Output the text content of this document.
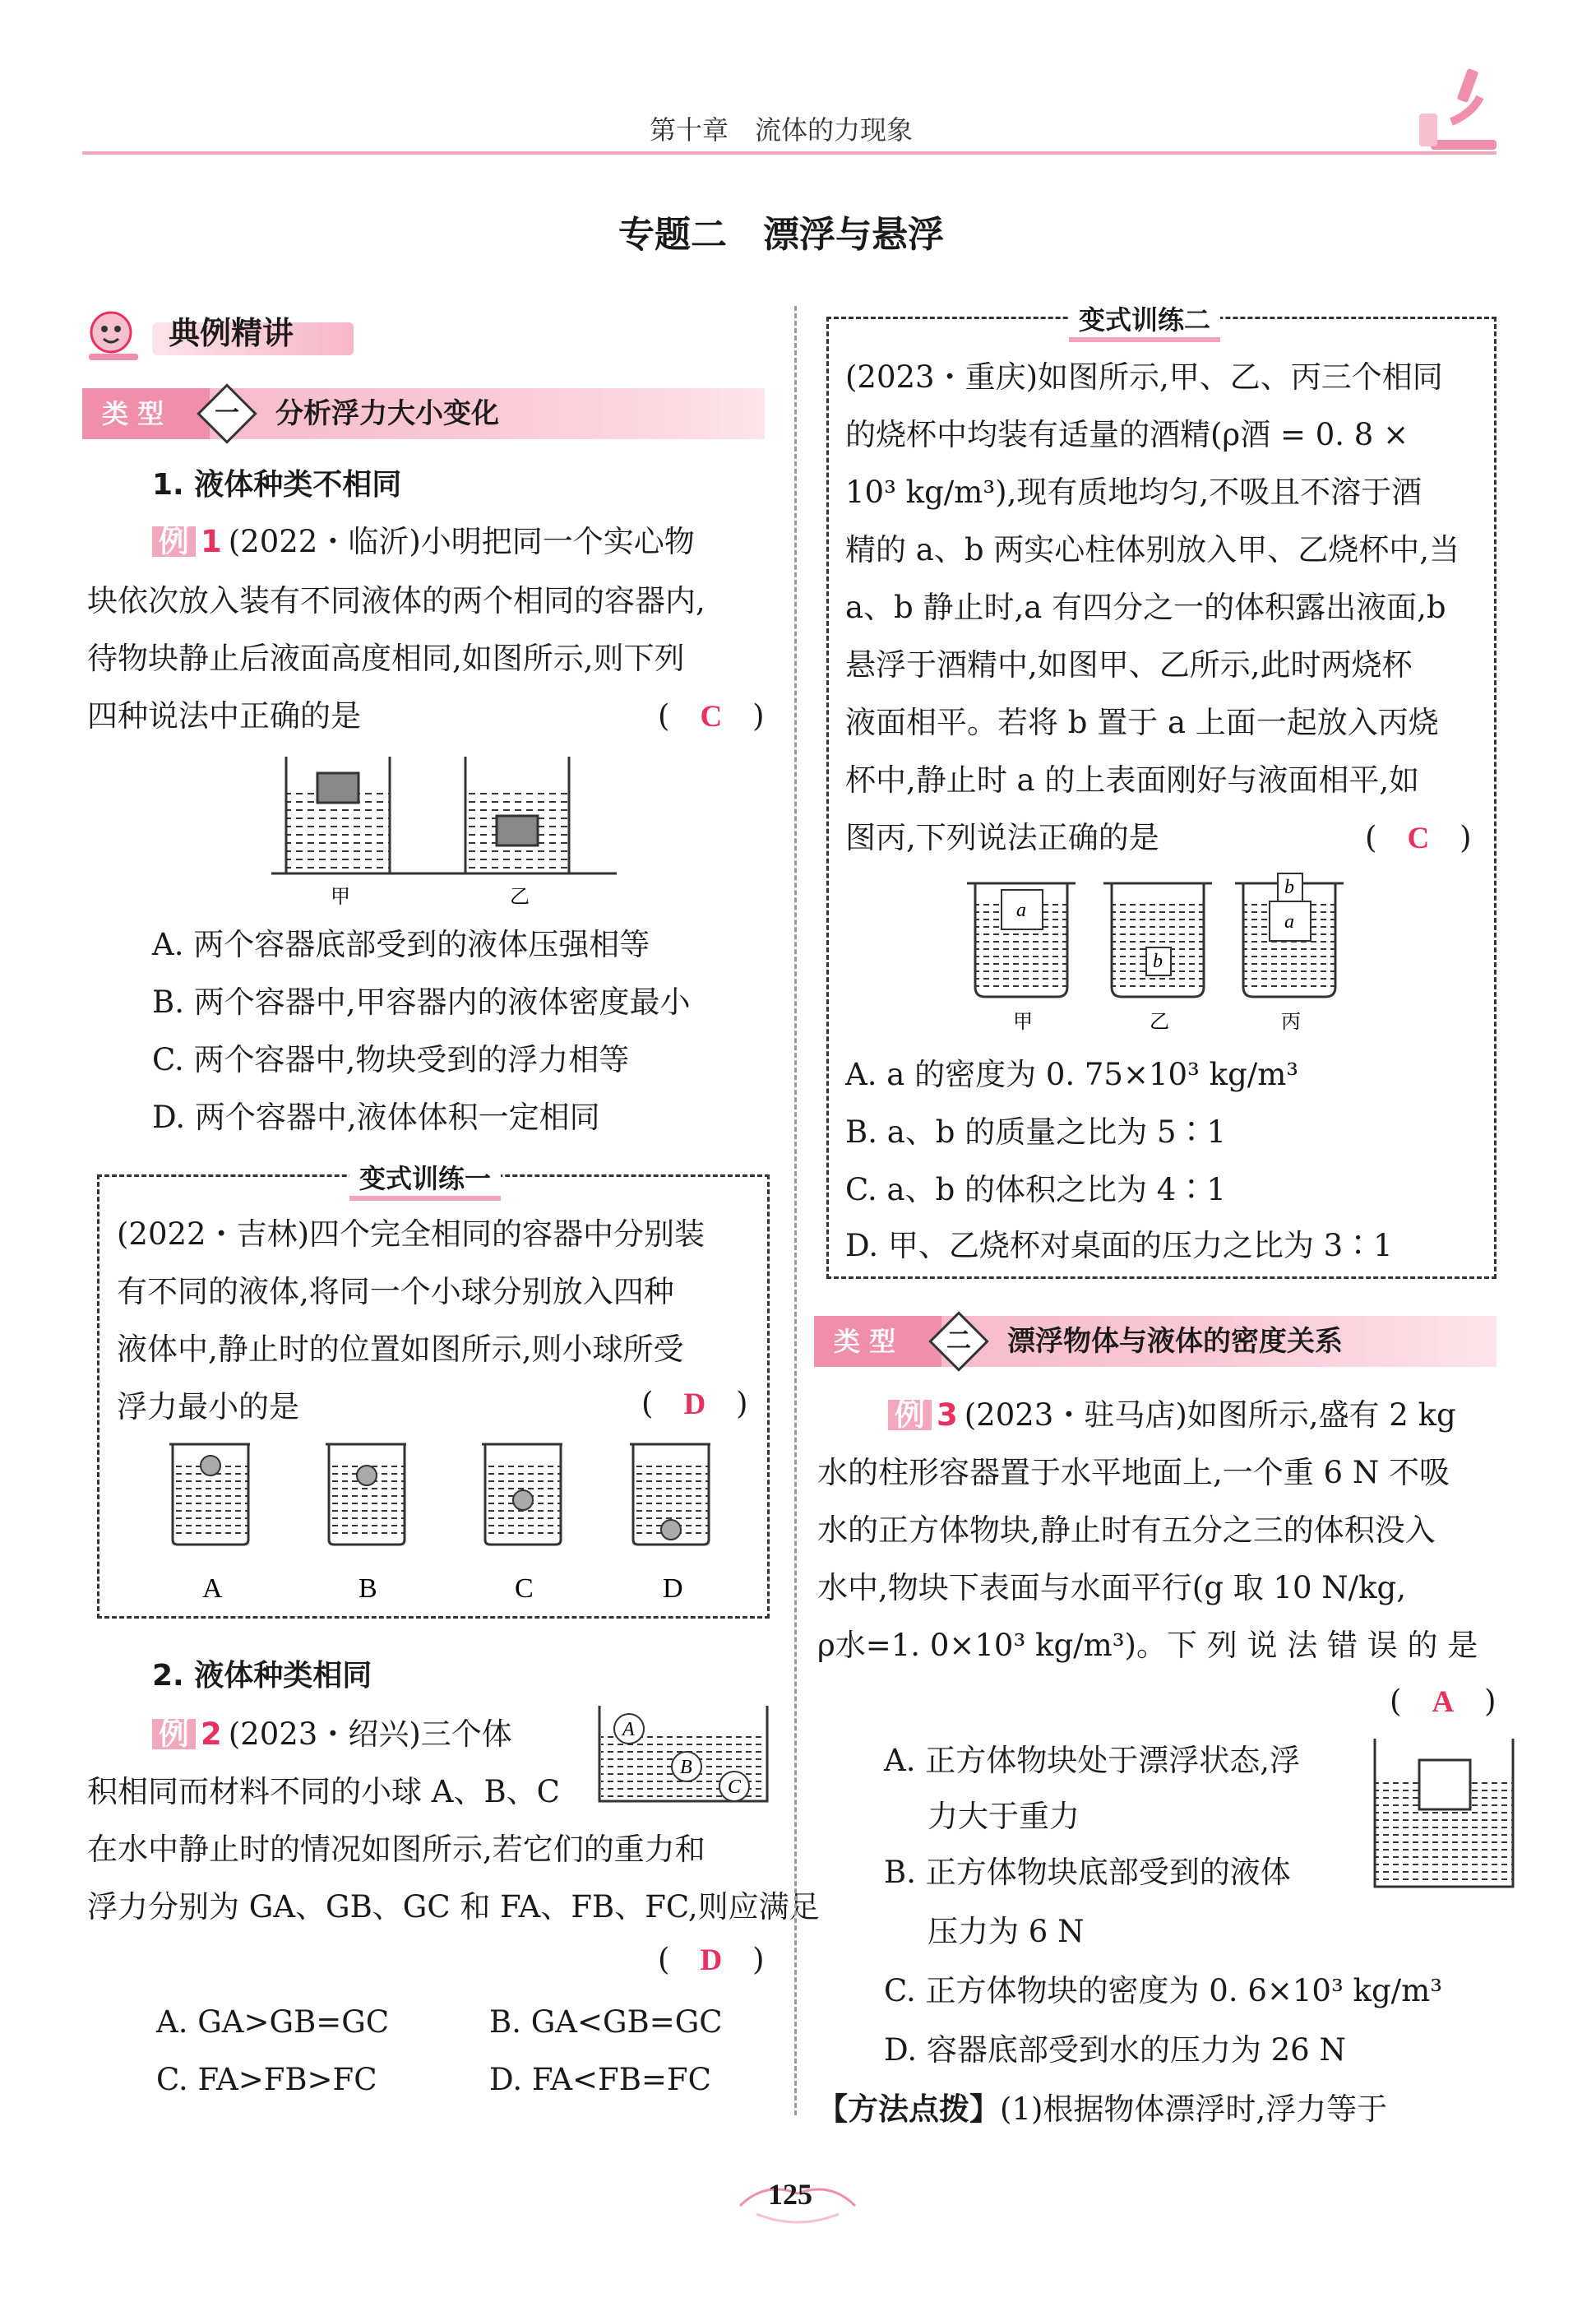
第十章　流体的力现象
专题二　漂浮与悬浮
典例精讲
类 型	一 分析浮力大小变化
1. 液体种类不相同
例 1 (2022・临沂)小明把同一个实心物
块依次放入装有不同液体的两个相同的容器内,
待物块静止后液面高度相同,如图所示,则下列
四种说法中正确的是	(　C　)
甲	乙
A. 两个容器底部受到的液体压强相等
B. 两个容器中,甲容器内的液体密度最小
C. 两个容器中,物块受到的浮力相等
D. 两个容器中,液体体积一定相同
变式训练一
(2022・吉林)四个完全相同的容器中分别装
有不同的液体,将同一个小球分别放入四种
液体中,静止时的位置如图所示,则小球所受
浮力最小的是	(　D　)
A	B	C	D
2. 液体种类相同
例 2 (2023・绍兴)三个体
积相同而材料不同的小球 A、B、C
在水中静止时的情况如图所示,若它们的重力和
浮力分别为 GA、GB、GC 和 FA、FB、FC,则应满足
(　D　)
A
B
C
A. GA>GB=GC	B. GA<GB=GC
C. FA>FB>FC	D. FA<FB=FC
变式训练二
(2023・重庆)如图所示,甲、乙、丙三个相同
的烧杯中均装有适量的酒精(ρ酒 = 0. 8 ×
10³ kg/m³),现有质地均匀,不吸且不溶于酒
精的 a、b 两实心柱体别放入甲、乙烧杯中,当
a、b 静止时,a 有四分之一的体积露出液面,b
悬浮于酒精中,如图甲、乙所示,此时两烧杯
液面相平。若将 b 置于 a 上面一起放入丙烧
杯中,静止时 a 的上表面刚好与液面相平,如
图丙,下列说法正确的是	(　C　)
a
b
a
b
甲	乙	丙
A. a 的密度为 0. 75×10³ kg/m³
B. a、b 的质量之比为 5∶1
C. a、b 的体积之比为 4∶1
D. 甲、乙烧杯对桌面的压力之比为 3∶1
类 型	二 漂浮物体与液体的密度关系
例 3 (2023・驻马店)如图所示,盛有 2 kg
水的柱形容器置于水平地面上,一个重 6 N 不吸
水的正方体物块,静止时有五分之三的体积没入
水中,物块下表面与水面平行(g 取 10 N/kg,
ρ水=1. 0×10³ kg/m³)。下 列 说 法 错 误 的 是
(　A　)
A. 正方体物块处于漂浮状态,浮
力大于重力
B. 正方体物块底部受到的液体
压力为 6 N
C. 正方体物块的密度为 0. 6×10³ kg/m³
D. 容器底部受到水的压力为 26 N
【方法点拨】(1)根据物体漂浮时,浮力等于
125
